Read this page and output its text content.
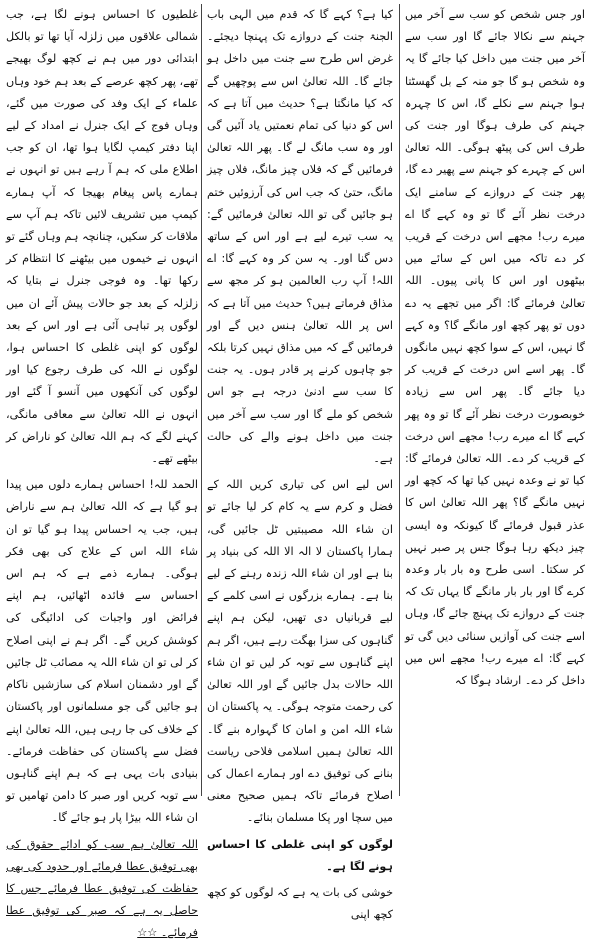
اور جس شخص کو سب سے آخر میں جہنم سے نکالا جائے گا اور سب سے آخر میں جنت میں داخل کیا جائے گا یہ وہ شخص ہو گا جو منہ کے بل گھسٹتا ہوا جہنم سے نکلے گا، اس کا چہرہ جہنم کی طرف ہوگا اور جنت کی طرف اس کی پیٹھ ہوگی۔ اللہ تعالیٰ اس کے چہرے کو جہنم سے پھیر دے گا، پھر جنت کے دروازے کے سامنے ایک درخت نظر آئے گا تو وہ کہے گا اے میرے رب! مجھے اس درخت کے قریب کر دے تاکہ میں اس کے سائے میں بیٹھوں اور اس کا پانی پیوں۔ اللہ تعالیٰ فرمائے گا: اگر میں تجھے یہ دے دوں تو پھر کچھ اور مانگے گا؟ وہ کہے گا نہیں، اس کے سوا کچھ نہیں مانگوں گا۔ پھر اسے اس درخت کے قریب کر دیا جائے گا۔ پھر اس سے زیادہ خوبصورت درخت نظر آئے گا تو وہ پھر کہے گا اے میرے رب! مجھے اس درخت کے قریب کر دے۔ اللہ تعالیٰ فرمائے گا: کیا تو نے وعدہ نہیں کیا تھا کہ کچھ اور نہیں مانگے گا؟ پھر اللہ تعالیٰ اس کا عذر قبول فرمائے گا کیونکہ وہ ایسی چیز دیکھ رہا ہوگا جس پر صبر نہیں کر سکتا۔ اسی طرح وہ بار بار وعدہ کرے گا اور بار بار مانگے گا یہاں تک کہ جنت کے دروازے تک پہنچ جائے گا، وہاں اسے جنت کی آوازیں سنائی دیں گی تو کہے گا: اے میرے رب! مجھے اس میں داخل کر دے۔ ارشاد ہوگا کہ

کیا ہے؟ کہے گا کہ قدم میں الہی باب الجنۃ جنت کے دروازے تک پہنچا دیجئے۔ غرض اس طرح سے جنت میں داخل ہو جائے گا۔ اللہ تعالیٰ اس سے پوچھیں گے کہ کیا مانگتا ہے؟ حدیث میں آتا ہے کہ اس کو دنیا کی تمام نعمتیں یاد آئیں گی اور وہ سب مانگ لے گا۔ پھر اللہ تعالیٰ فرمائیں گے کہ فلاں چیز مانگ، فلاں چیز مانگ، حتیٰ کہ جب اس کی آرزوئیں ختم ہو جائیں گی تو اللہ تعالیٰ فرمائیں گے: یہ سب تیرے لیے ہے اور اس کے ساتھ دس گنا اور۔ یہ سن کر وہ کہے گا: اے اللہ! آپ رب العالمین ہو کر مجھ سے مذاق فرماتے ہیں؟ حدیث میں آتا ہے کہ اس پر اللہ تعالیٰ ہنس دیں گے اور فرمائیں گے کہ میں مذاق نہیں کرتا بلکہ جو چاہوں کرنے پر قادر ہوں۔ یہ جنت کا سب سے ادنیٰ درجہ ہے جو اس شخص کو ملے گا اور سب سے آخر میں جنت میں داخل ہونے والے کی حالت ہے۔

اس لیے اس کی تیاری کریں اللہ کے فضل و کرم سے یہ کام کر لیا جائے تو ان شاء اللہ مصیبتیں ٹل جائیں گی، ہمارا پاکستان لا الہ الا اللہ کی بنیاد پر بنا ہے اور ان شاء اللہ زندہ رہنے کے لیے بنا ہے۔ ہمارے بزرگوں نے اسی کلمے کے لیے قربانیاں دی تھیں، لیکن ہم اپنے گناہوں کی سزا بھگت رہے ہیں، اگر ہم اپنے گناہوں سے توبہ کر لیں تو ان شاء اللہ حالات بدل جائیں گے اور اللہ تعالیٰ کی رحمت متوجہ ہوگی۔ یہ پاکستان ان شاء اللہ امن و امان کا گہوارہ بنے گا۔ اللہ تعالیٰ ہمیں اسلامی فلاحی ریاست بنانے کی توفیق دے اور ہمارے اعمال کی اصلاح فرمائے تاکہ ہمیں صحیح معنی میں سچا اور پکا مسلمان بنائے۔

لوگوں کو اپنی غلطی کا احساس ہونے لگا ہے۔

خوشی کی بات یہ ہے کہ لوگوں کو کچھ کچھ اپنی

غلطیوں کا احساس ہونے لگا ہے، جب شمالی علاقوں میں زلزلہ آیا تھا تو بالکل ابتدائی دور میں ہم نے کچھ لوگ بھیجے تھے، پھر کچھ عرصے کے بعد ہم خود وہاں علماء کے ایک وفد کی صورت میں گئے، وہاں فوج کے ایک جنرل نے امداد کے لیے اپنا دفتر کیمپ لگایا ہوا تھا، ان کو جب اطلاع ملی کہ ہم آ رہے ہیں تو انہوں نے ہمارے پاس پیغام بھیجا کہ آپ ہمارے کیمپ میں تشریف لائیں تاکہ ہم آپ سے ملاقات کر سکیں، چنانچہ ہم وہاں گئے تو انہوں نے خیموں میں بیٹھنے کا انتظام کر رکھا تھا۔ وہ فوجی جنرل نے بتایا کہ زلزلہ کے بعد جو حالات پیش آئے ان میں لوگوں پر تباہی آئی ہے اور اس کے بعد لوگوں کو اپنی غلطی کا احساس ہوا، لوگوں نے اللہ کی طرف رجوع کیا اور لوگوں کی آنکھوں میں آنسو آ گئے اور انہوں نے اللہ تعالیٰ سے معافی مانگی، کہنے لگے کہ ہم اللہ تعالیٰ کو ناراض کر بیٹھے تھے۔

الحمد للہ! احساس ہمارے دلوں میں پیدا ہو گیا ہے کہ اللہ تعالیٰ ہم سے ناراض ہیں، جب یہ احساس پیدا ہو گیا تو ان شاء اللہ اس کے علاج کی بھی فکر ہوگی۔ ہمارے ذمے ہے کہ ہم اس احساس سے فائدہ اٹھائیں، ہم اپنے فرائض اور واجبات کی ادائیگی کی کوشش کریں گے۔ اگر ہم نے اپنی اصلاح کر لی تو ان شاء اللہ یہ مصائب ٹل جائیں گے اور دشمنان اسلام کی سازشیں ناکام ہو جائیں گی جو مسلمانوں اور پاکستان کے خلاف کی جا رہی ہیں، اللہ تعالیٰ اپنے فضل سے پاکستان کی حفاظت فرمائے۔ بنیادی بات یہی ہے کہ ہم اپنے گناہوں سے توبہ کریں اور صبر کا دامن تھامیں تو ان شاء اللہ بیڑا پار ہو جائے گا۔

اللہ تعالیٰ ہم سب کو ادائے حقوق کی بھی توفیق عطا فرمائے اور حدود کی بھی حفاظت کی توفیق عطا فرمائے جس کا حاصل یہ ہے کہ صبر کی توفیق عطا فرمائے۔ ☆☆
